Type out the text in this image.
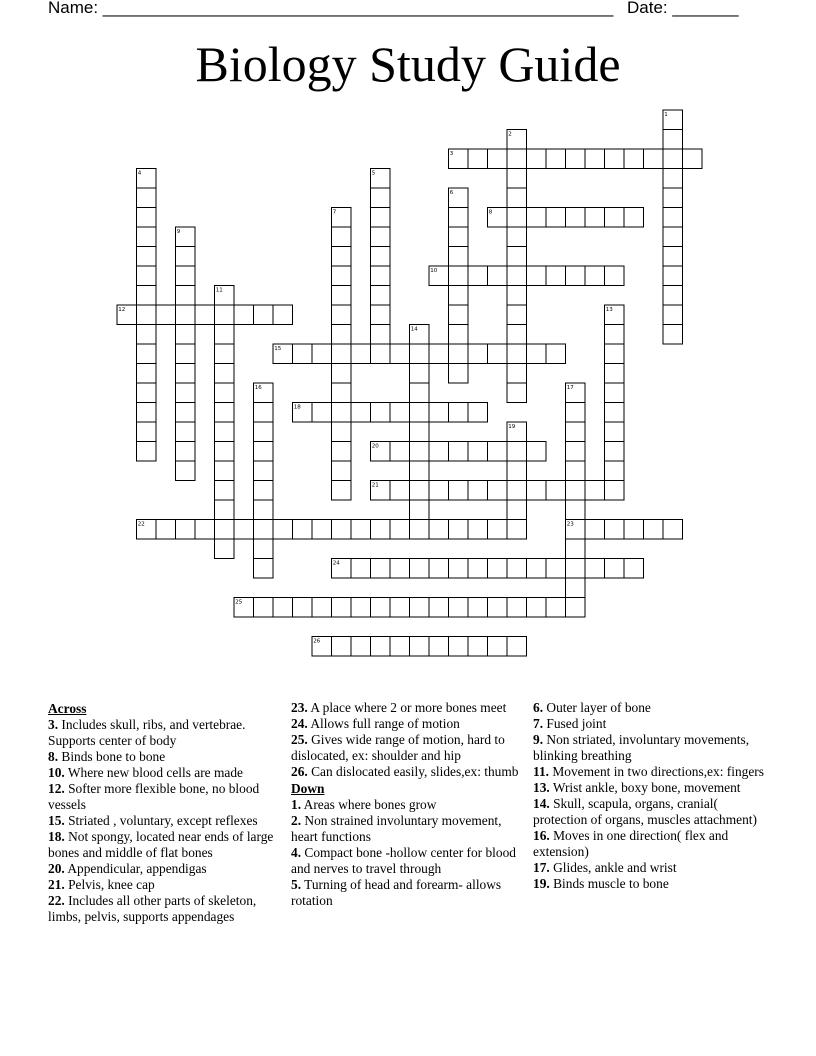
Name: ______________________________________________________ Date: _______
Biology Study Guide
1
2
3
4	5
6
7	8
9
10
11
12	13
14
15
16	17
18
19
20
21
22	23
24
25
26
Across
3. Includes skull, ribs, and vertebrae. Supports center of body
8. Binds bone to bone
10. Where new blood cells are made
12. Softer more flexible bone, no blood vessels
15. Striated , voluntary, except reflexes
18. Not spongy, located near ends of large bones and middle of flat bones
20. Appendicular, appendigas
21. Pelvis, knee cap
22. Includes all other parts of skeleton, limbs, pelvis, supports appendages
23. A place where 2 or more bones meet
24. Allows full range of motion
25. Gives wide range of motion, hard to dislocated, ex: shoulder and hip
26. Can dislocated easily, slides,ex: thumb
Down
1. Areas where bones grow
2. Non strained involuntary movement, heart functions
4. Compact bone -hollow center for blood and nerves to travel through
5. Turning of head and forearm- allows rotation
6. Outer layer of bone
7. Fused joint
9. Non striated, involuntary movements, blinking breathing
11. Movement in two directions,ex: fingers
13. Wrist ankle, boxy bone, movement
14. Skull, scapula, organs, cranial( protection of organs, muscles attachment)
16. Moves in one direction( flex and extension)
17. Glides, ankle and wrist
19. Binds muscle to bone
